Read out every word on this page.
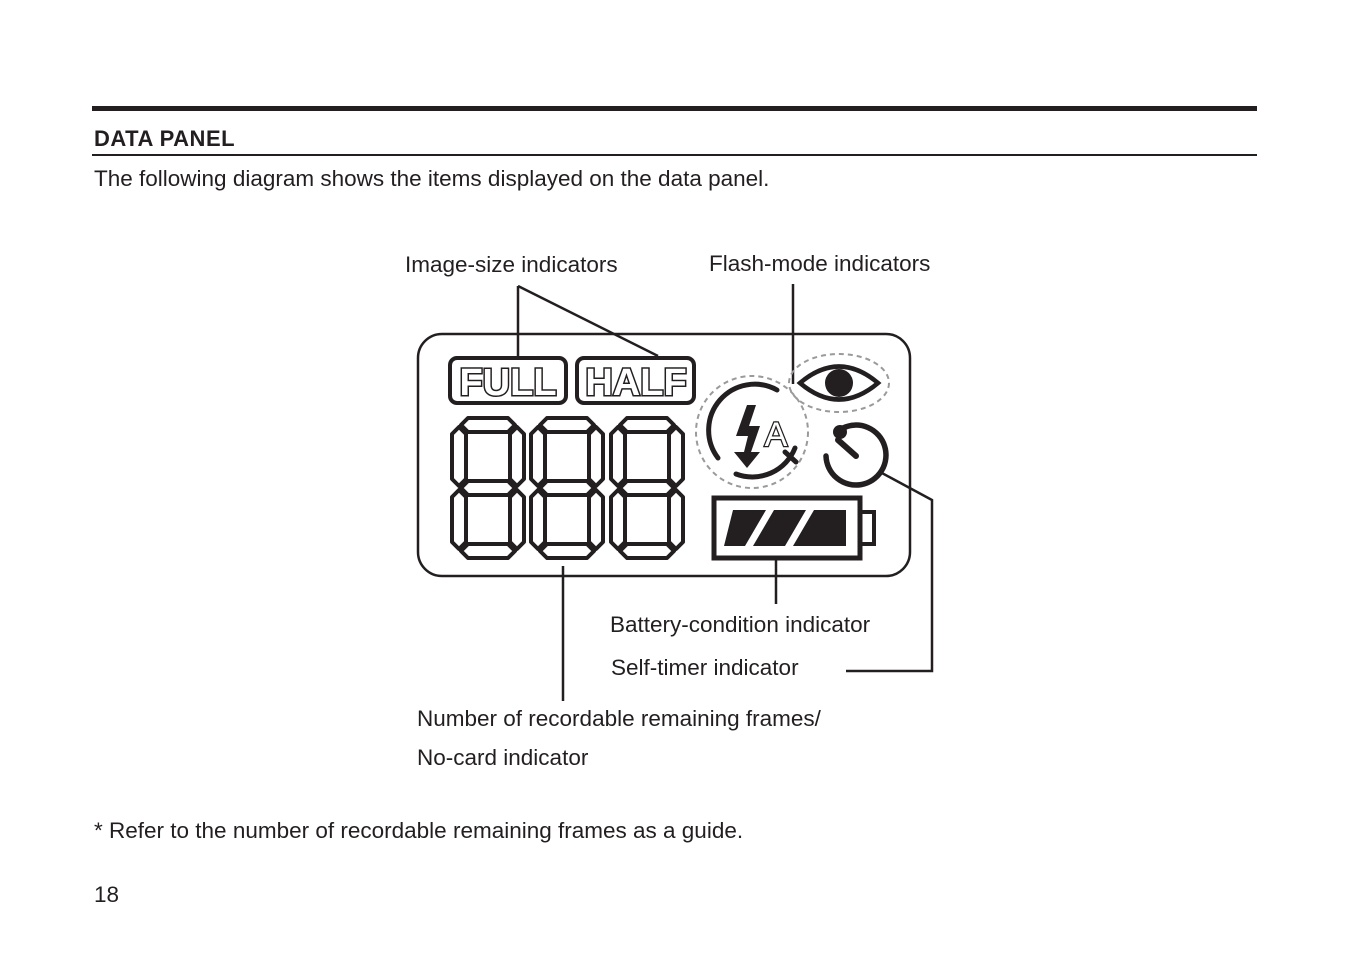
DATA PANEL
The following diagram shows the items displayed on the data panel.
FULL HALF
A
Image-size indicators	Flash-mode indicators
Battery-condition indicator
Self-timer indicator
Number of recordable remaining frames/
No-card indicator
* Refer to the number of recordable remaining frames as a guide.
18
